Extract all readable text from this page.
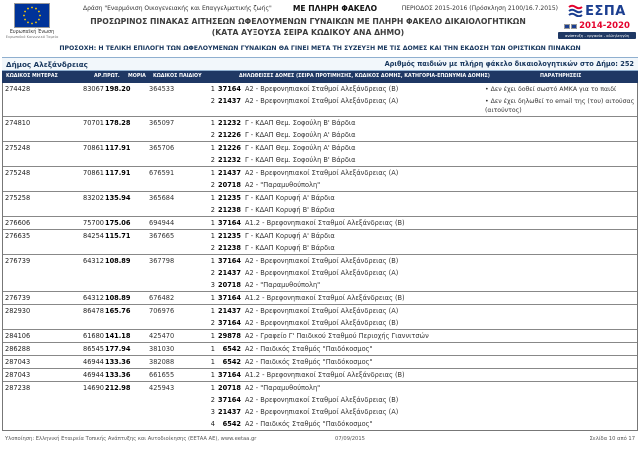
Ευρωπαϊκή Ένωση
Ευρωπαϊκό Κοινωνικό Ταμείο
Δράση "Εναρμόνιση Οικογενειακής και Επαγγελματικής ζωής"	ΜΕ ΠΛΗΡΗ ΦΑΚΕΛΟ	ΠΕΡΙΟΔΟΣ 2015-2016 (Πρόσκληση 2100/16.7.2015) ΕΣΠΑ
2014-2020
ανάπτυξη - εργασία - αλληλεγγύη
ΠΡΟΣΩΡΙΝΟΣ ΠΙΝΑΚΑΣ ΑΙΤΗΣΕΩΝ ΩΦΕΛΟΥΜΕΝΩΝ ΓΥΝΑΙΚΩΝ ΜΕ ΠΛΗΡΗ ΦΑΚΕΛΟ ΔΙΚΑΙΟΛΟΓΗΤΙΚΩΝ
(ΚΑΤΑ ΑΥΞΟΥΣΑ ΣΕΙΡΑ ΚΩΔΙΚΟΥ ΑΝΑ ΔΗΜΟ)
ΠΡΟΣΟΧΗ: Η ΤΕΛΙΚΗ ΕΠΙΛΟΓΗ ΤΩΝ ΩΦΕΛΟΥΜΕΝΩΝ ΓΥΝΑΙΚΩΝ ΘΑ ΓΙΝΕΙ ΜΕΤΑ ΤΗ ΣΥΖΕΥΞΗ ΜΕ ΤΙΣ ΔΟΜΕΣ ΚΑΙ ΤΗΝ ΕΚΔΟΣΗ ΤΩΝ ΟΡΙΣΤΙΚΩΝ ΠΙΝΑΚΩΝ
Δήμος Αλεξάνδρειας	Αριθμός παιδιών με πλήρη φάκελο δικαιολογητικών στο Δήμο: 252
ΚΩΔΙΚΟΣ ΜΗΤΕΡΑΣ	ΑΡ.ΠΡΩΤ. ΜΟΡΙΑ ΚΩΔΙΚΟΣ ΠΑΙΔΙΟΥ	ΔΗΛΩΘΕΙΣΕΣ ΔΟΜΕΣ (ΣΕΙΡΑ ΠΡΟΤΙΜΗΣΗΣ, ΚΩΔΙΚΟΣ ΔΟΜΗΣ, ΚΑΤΗΓΟΡΙΑ-ΕΠΩΝΥΜΙΑ ΔΟΜΗΣ)	ΠΑΡΑΤΗΡΗΣΕΙΣ
274428	83067 198.20	364533	1 37164 Α2 - Βρεφονηπιακοί Σταθμοί Αλεξάνδρειας (Β)
2 21437 Α2 - Βρεφονηπιακοί Σταθμοί Αλεξάνδρειας (Α)
• Δεν έχει δοθεί σωστό ΑΜΚΑ για το παιδί
• Δεν έχει δηλωθεί το email της (του) αιτούσας (αιτούντος)
274810	70701 178.28	365097	1 21232 Γ - ΚΔΑΠ Θεμ. Σοφούλη Β' Βάρδια
2 21226 Γ - ΚΔΑΠ Θεμ. Σοφούλη Α' Βάρδια
275248	70861 117.91	365706	1 21226 Γ - ΚΔΑΠ Θεμ. Σοφούλη Α' Βάρδια
2 21232 Γ - ΚΔΑΠ Θεμ. Σοφούλη Β' Βάρδια
275248	70861 117.91	676591	1 21437 Α2 - Βρεφονηπιακοί Σταθμοί Αλεξάνδρειας (Α)
2 20718 Α2 - "Παραμυθούπολη"
275258	83202 135.94	365684	1 21235 Γ - ΚΔΑΠ Κορυφή Α' Βάρδια
2 21238 Γ - ΚΔΑΠ Κορυφή Β' Βάρδια
276606	75700 175.06	694944	1 37164 Α1.2 - Βρεφονηπιακοί Σταθμοί Αλεξάνδρειας (Β)
276635	84254 115.71	367665	1 21235 Γ - ΚΔΑΠ Κορυφή Α' Βάρδια
2 21238 Γ - ΚΔΑΠ Κορυφή Β' Βάρδια
276739	64312 108.89	367798	1 37164 Α2 - Βρεφονηπιακοί Σταθμοί Αλεξάνδρειας (Β)
2 21437 Α2 - Βρεφονηπιακοί Σταθμοί Αλεξάνδρειας (Α)
3 20718 Α2 - "Παραμυθούπολη"
276739	64312 108.89	676482	1 37164 Α1.2 - Βρεφονηπιακοί Σταθμοί Αλεξάνδρειας (Β)
282930	86478 165.76	706976	1 21437 Α2 - Βρεφονηπιακοί Σταθμοί Αλεξάνδρειας (Α)
2 37164 Α2 - Βρεφονηπιακοί Σταθμοί Αλεξάνδρειας (Β)
284106	61680 141.18	425470	1 29878 Α2 - Γραφείο Γ' Παιδικού Σταθμού Περιοχής Γιαννιτσών
286288	86545 177.94	381030	1	6542 Α2 - Παιδικός Σταθμός "Παιδόκοσμος"
287043	46944 133.36	382088	1	6542 Α2 - Παιδικός Σταθμός "Παιδόκοσμος"
287043	46944 133.36	661655	1 37164 Α1.2 - Βρεφονηπιακοί Σταθμοί Αλεξάνδρειας (Β)
287238	14690 212.98	425943	1 20718 Α2 - "Παραμυθούπολη"
2 37164 Α2 - Βρεφονηπιακοί Σταθμοί Αλεξάνδρειας (Β)
3 21437 Α2 - Βρεφονηπιακοί Σταθμοί Αλεξάνδρειας (Α)
4	6542 Α2 - Παιδικός Σταθμός "Παιδόκοσμος"
Υλοποίηση: Ελληνική Εταιρεία Τοπικής Ανάπτυξης και Αυτοδιοίκησης (ΕΕΤΑΑ ΑΕ), www.eetaa.gr	07/09/2015	Σελίδα 10 από 17
